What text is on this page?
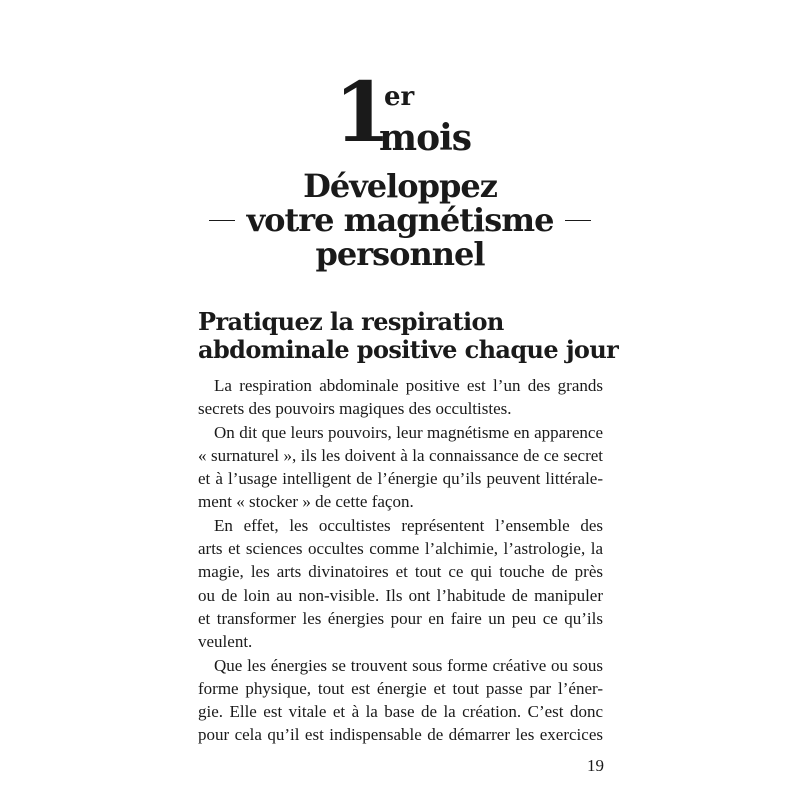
1
er
mois
Développez
votre magnétisme
personnel
Pratiquez la respiration
abdominale positive chaque jour
La respiration abdominale positive est l’un des grands
secrets des pouvoirs magiques des occultistes.
On dit que leurs pouvoirs, leur magnétisme en apparence
« surnaturel », ils les doivent à la connaissance de ce secret
et à l’usage intelligent de l’énergie qu’ils peuvent littérale-
ment « stocker » de cette façon.
En effet, les occultistes représentent l’ensemble des
arts et sciences occultes comme l’alchimie, l’astrologie, la
magie, les arts divinatoires et tout ce qui touche de près
ou de loin au non-visible. Ils ont l’habitude de manipuler
et transformer les énergies pour en faire un peu ce qu’ils
veulent.
Que les énergies se trouvent sous forme créative ou sous
forme physique, tout est énergie et tout passe par l’éner-
gie. Elle est vitale et à la base de la création. C’est donc
pour cela qu’il est indispensable de démarrer les exercices
19
